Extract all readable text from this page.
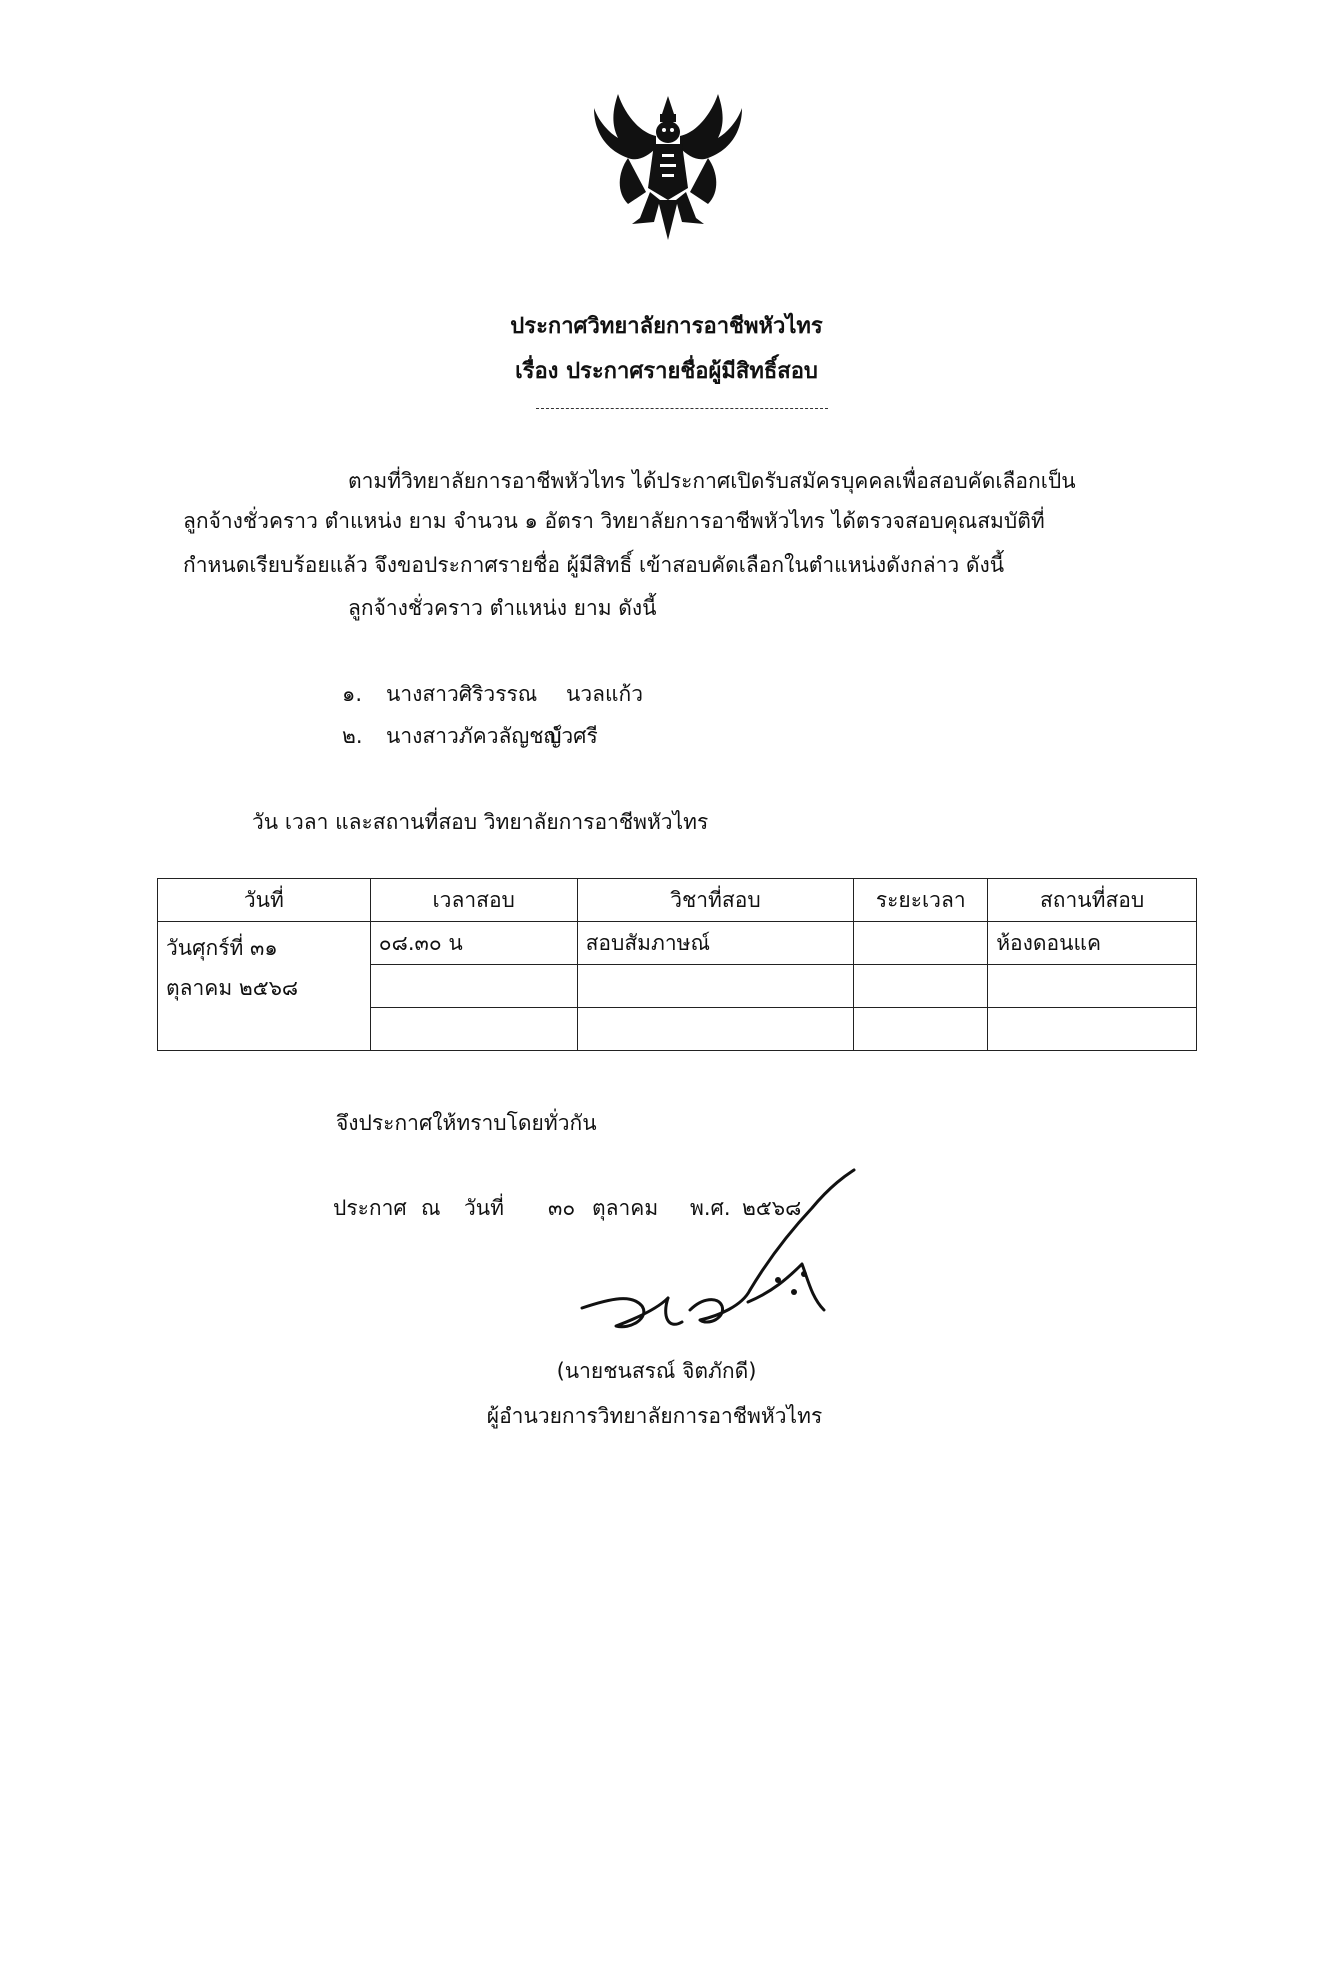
ประกาศวิทยาลัยการอาชีพหัวไทร
เรื่อง ประกาศรายชื่อผู้มีสิทธิ์สอบ
ตามที่วิทยาลัยการอาชีพหัวไทร ได้ประกาศเปิดรับสมัครบุคคลเพื่อสอบคัดเลือกเป็น
ลูกจ้างชั่วคราว ตำแหน่ง ยาม จำนวน ๑ อัตรา วิทยาลัยการอาชีพหัวไทร ได้ตรวจสอบคุณสมบัติที่
กำหนดเรียบร้อยแล้ว จึงขอประกาศรายชื่อ ผู้มีสิทธิ์ เข้าสอบคัดเลือกในตำแหน่งดังกล่าว ดังนี้
ลูกจ้างชั่วคราว ตำแหน่ง ยาม ดังนี้
๑. นางสาวศิริวรรณ นวลแก้ว
๒. นางสาวภัควลัญชญ์บัวศรี
วัน เวลา และสถานที่สอบ วิทยาลัยการอาชีพหัวไทร
วันที่	เวลาสอบ	วิชาที่สอบ	ระยะเวลา	สถานที่สอบ

วันศุกร์ที่ ๓๑
ตุลาคม ๒๕๖๘	๐๘.๓๐ น	สอบสัมภาษณ์		ห้องดอนแค

จึงประกาศให้ทราบโดยทั่วกัน
ประกาศ ณ วันที่ ๓๐ ตุลาคม พ.ศ. ๒๕๖๘
(นายชนสรณ์ จิตภักดี)
ผู้อำนวยการวิทยาลัยการอาชีพหัวไทร
